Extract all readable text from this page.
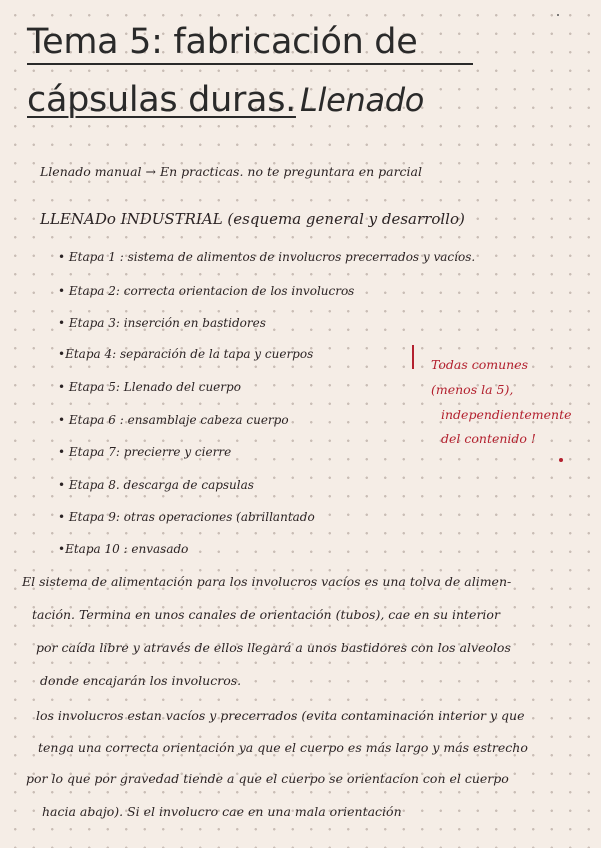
Tema 5: fabricación de
cápsulas duras. Llenado

Llenado manual → En practicas. no te preguntara en parcial

LLENADo INDUSTRIAL (esquema general y desarrollo)

• Etapa 1 : sistema de alimentos de involucros precerrados y vacíos.

• Etapa 2: correcta orientacion de los involucros

• Etapa 3: inserción en bastidores

•Etapa 4: separación de la tapa y cuerpos

• Etapa 5: Llenado del cuerpo

• Etapa 6 : ensamblaje cabeza cuerpo

• Etapa 7: precierre y cierre

• Etapa 8. descarga de capsulas

• Etapa 9: otras operaciones (abrillantado

•Etapa 10 : envasado

Todas comunes

(menos la 5),

independientemente

del contenido !

El sistema de alimentación para los involucros vacíos es una tolva de alimen-

tación. Termina en unos canales de orientación (tubos), cae en su interior

por caída libre y através de ellos llegará a unos bastidores con los alveolos

donde encajarán los involucros.

los involucros estan vacíos y precerrados (evita contaminación interior y que

tenga una correcta orientación ya que el cuerpo es más largo y más estrecho

por lo que por gravedad tiende a que el cuerpo se orientacion con el cuerpo

hacia abajo). Si el involucro cae en una mala orientación
